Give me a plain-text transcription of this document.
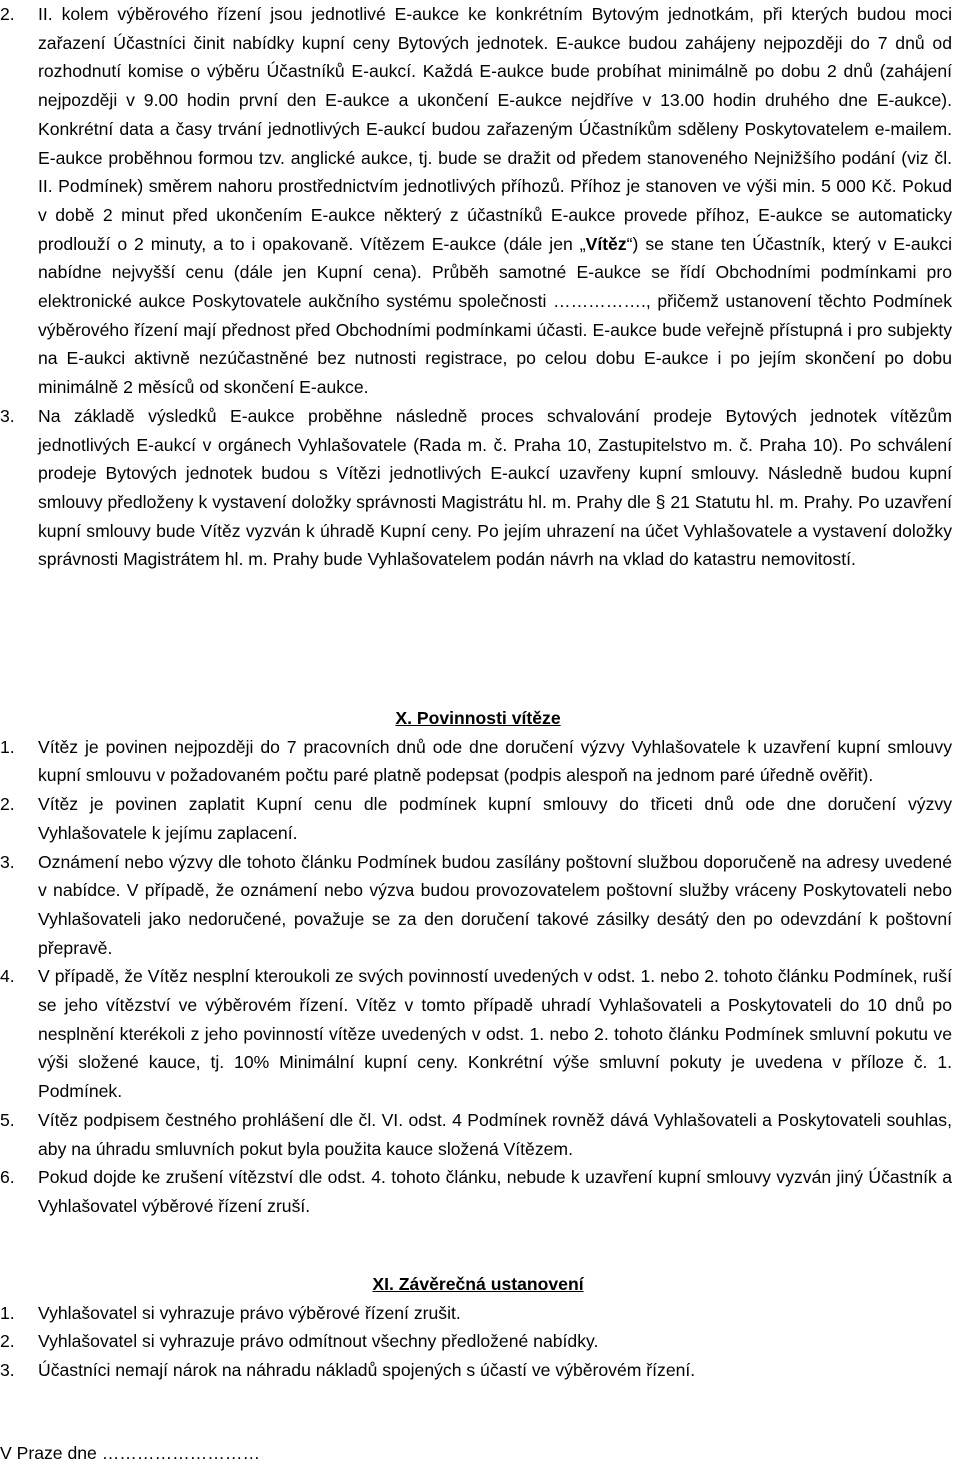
2.	II. kolem výběrového řízení jsou jednotlivé E-aukce ke konkrétním Bytovým jednotkám, při kterých budou moci zařazení Účastníci činit nabídky kupní ceny Bytových jednotek. E-aukce budou zahájeny nejpozději do 7 dnů od rozhodnutí komise o výběru Účastníků E-aukcí. Každá E-aukce bude probíhat minimálně po dobu 2 dnů (zahájení nejpozději v 9.00 hodin první den E-aukce a ukončení E-aukce nejdříve v 13.00 hodin druhého dne E-aukce). Konkrétní data a časy trvání jednotlivých E-aukcí budou zařazeným Účastníkům sděleny Poskytovatelem e-mailem. E-aukce proběhnou formou tzv. anglické aukce, tj. bude se dražit od předem stanoveného Nejnižšího podání (viz čl. II. Podmínek) směrem nahoru prostřednictvím jednotlivých příhozů. Příhoz je stanoven ve výši min. 5 000 Kč. Pokud v době 2 minut před ukončením E-aukce některý z účastníků E-aukce provede příhoz, E-aukce se automaticky prodlouží o 2 minuty, a to i opakovaně. Vítězem E-aukce (dále jen „Vítěz“) se stane ten Účastník, který v E-aukci nabídne nejvyšší cenu (dále jen Kupní cena). Průběh samotné E-aukce se řídí Obchodními podmínkami pro elektronické aukce Poskytovatele aukčního systému společnosti ……………., přičemž ustanovení těchto Podmínek výběrového řízení mají přednost před Obchodními podmínkami účasti. E-aukce bude veřejně přístupná i pro subjekty na E-aukci aktivně nezúčastněné bez nutnosti registrace, po celou dobu E-aukce i po jejím skončení po dobu minimálně 2 měsíců od skončení E-aukce.
3.	Na základě výsledků E-aukce proběhne následně proces schvalování prodeje Bytových jednotek vítězům jednotlivých E-aukcí v orgánech Vyhlašovatele (Rada m. č. Praha 10, Zastupitelstvo m. č. Praha 10). Po schválení prodeje Bytových jednotek budou s Vítězi jednotlivých E-aukcí uzavřeny kupní smlouvy. Následně budou kupní smlouvy předloženy k vystavení doložky správnosti Magistrátu hl. m. Prahy dle § 21 Statutu hl. m. Prahy. Po uzavření kupní smlouvy bude Vítěz vyzván k úhradě Kupní ceny. Po jejím uhrazení na účet Vyhlašovatele a vystavení doložky správnosti Magistrátem hl. m. Prahy bude Vyhlašovatelem podán návrh na vklad do katastru nemovitostí.
X. Povinnosti vítěze
1.	Vítěz je povinen nejpozději do 7 pracovních dnů ode dne doručení výzvy Vyhlašovatele k uzavření kupní smlouvy kupní smlouvu v požadovaném počtu paré platně podepsat (podpis alespoň na jednom paré úředně ověřit).
2.	Vítěz je povinen zaplatit Kupní cenu dle podmínek kupní smlouvy do třiceti dnů ode dne doručení výzvy Vyhlašovatele k jejímu zaplacení.
3.	Oznámení nebo výzvy dle tohoto článku Podmínek budou zasílány poštovní službou doporučeně na adresy uvedené v nabídce. V případě, že oznámení nebo výzva budou provozovatelem poštovní služby vráceny Poskytovateli nebo Vyhlašovateli jako nedoručené, považuje se za den doručení takové zásilky desátý den po odevzdání k poštovní přepravě.
4.	V případě, že Vítěz nesplní kteroukoli ze svých povinností uvedených v odst. 1. nebo 2. tohoto článku Podmínek, ruší se jeho vítězství ve výběrovém řízení. Vítěz v tomto případě uhradí Vyhlašovateli a Poskytovateli do 10 dnů po nesplnění kterékoli z jeho povinností vítěze uvedených v odst. 1. nebo 2. tohoto článku Podmínek smluvní pokutu ve výši složené kauce, tj. 10% Minimální kupní ceny. Konkrétní výše smluvní pokuty je uvedena v příloze č. 1. Podmínek.
5.	Vítěz podpisem čestného prohlášení dle čl. VI. odst. 4 Podmínek rovněž dává Vyhlašovateli a Poskytovateli souhlas, aby na úhradu smluvních pokut byla použita kauce složená Vítězem.
6.	Pokud dojde ke zrušení vítězství dle odst. 4. tohoto článku, nebude k uzavření kupní smlouvy vyzván jiný Účastník a Vyhlašovatel výběrové řízení zruší.
XI. Závěrečná ustanovení
1.	Vyhlašovatel si vyhrazuje právo výběrové řízení zrušit.
2.	Vyhlašovatel si vyhrazuje právo odmítnout všechny předložené nabídky.
3.	Účastníci nemají nárok na náhradu nákladů spojených s účastí ve výběrovém řízení.
V Praze dne ………………………
